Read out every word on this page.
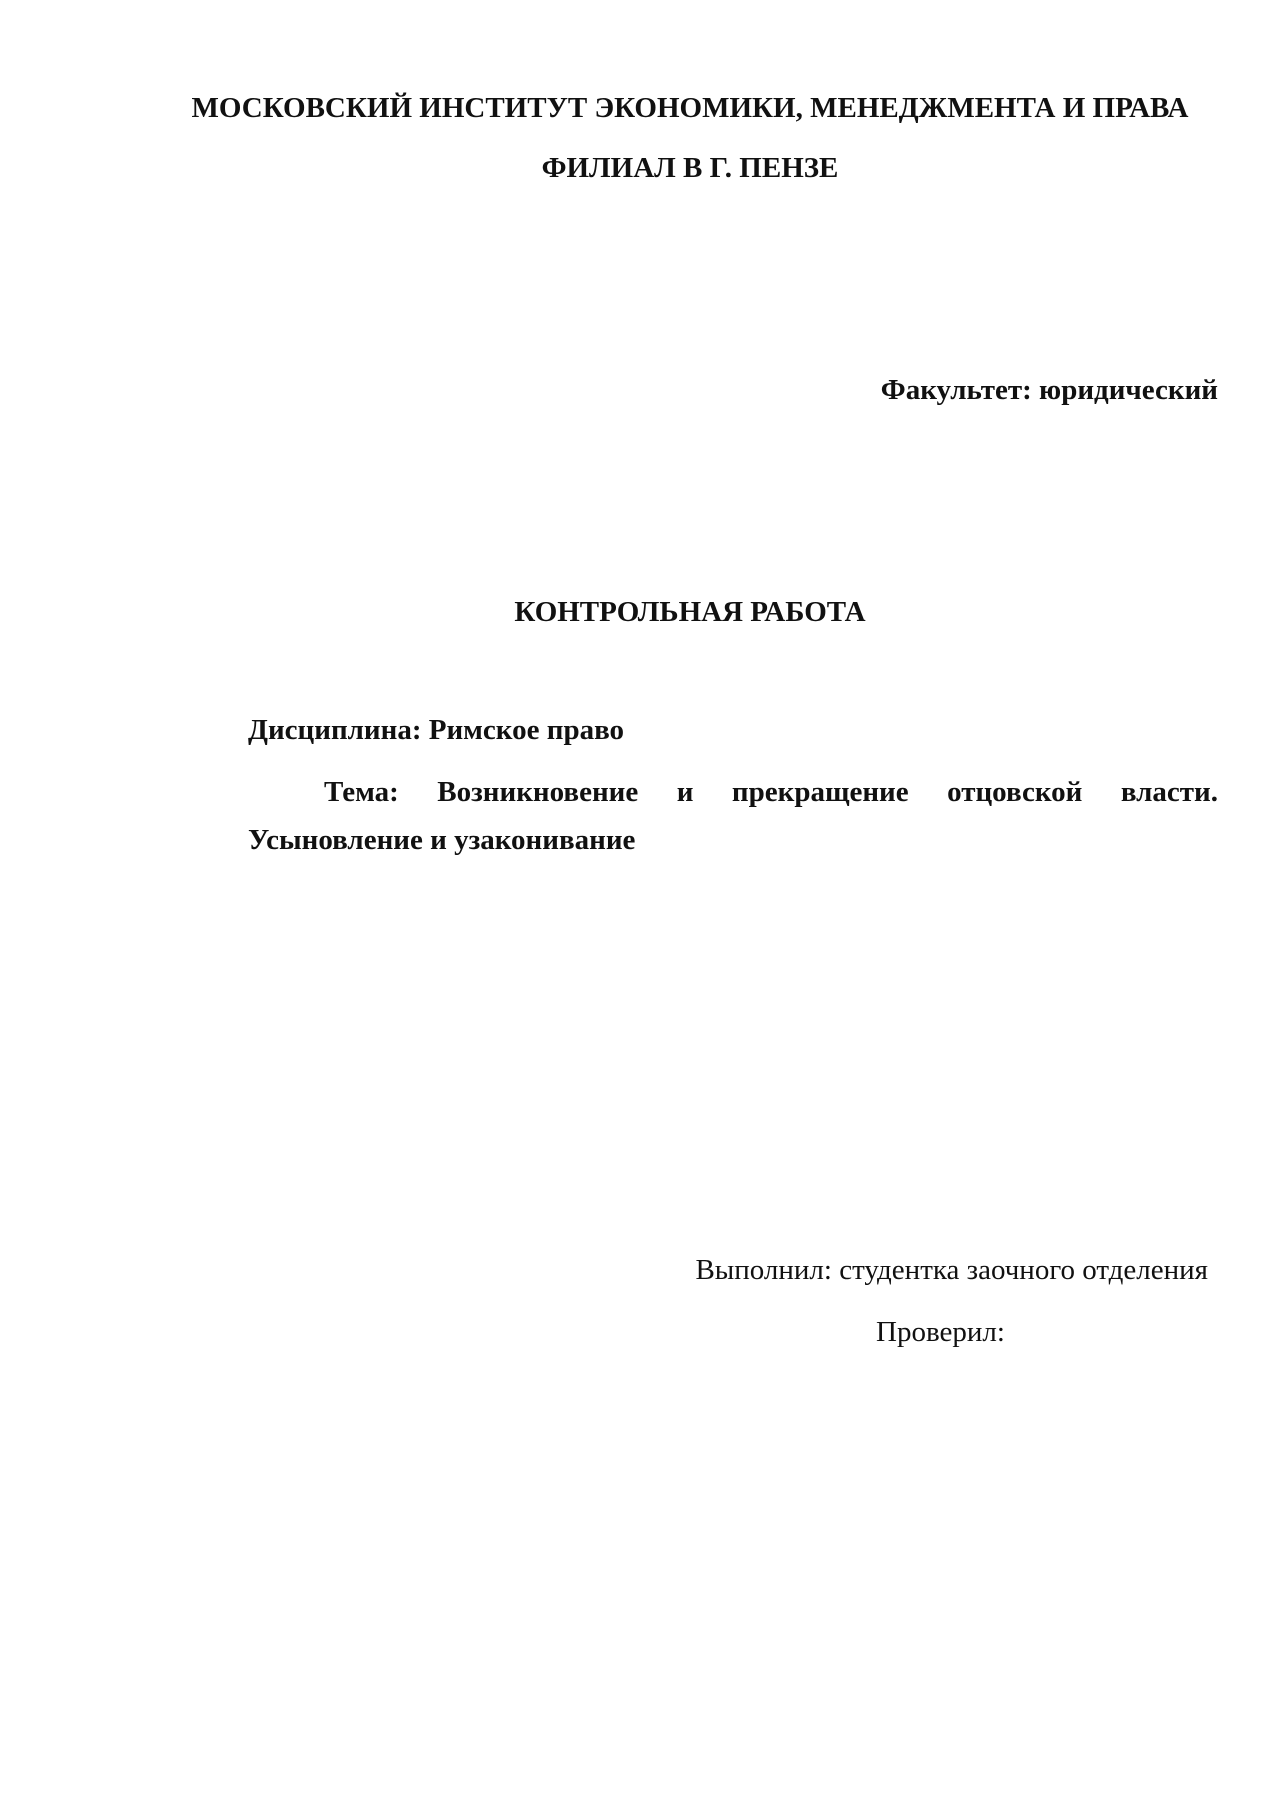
МОСКОВСКИЙ ИНСТИТУТ ЭКОНОМИКИ, МЕНЕДЖМЕНТА И ПРАВА
ФИЛИАЛ В Г. ПЕНЗЕ
Факультет: юридический
КОНТРОЛЬНАЯ РАБОТА
Дисциплина: Римское право
Тема: Возникновение и прекращение отцовской власти. Усыновление и узаконивание
Выполнил: студентка заочного отделения
Проверил:
